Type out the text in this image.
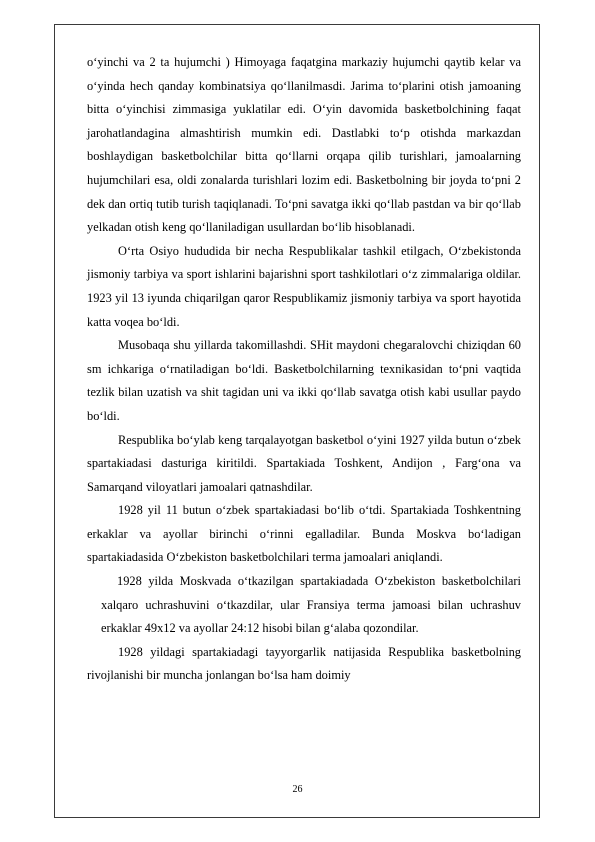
o‘yinchi va 2 ta hujumchi ) Himoyaga faqatgina markaziy hujumchi qaytib kelar va o‘yinda hech qanday kombinatsiya qo‘llanilmasdi. Jarima to‘plarini otish jamoaning bitta o‘yinchisi zimmasiga yuklatilar edi. O‘yin davomida basketbolchining faqat jarohatlandagina almashtirish mumkin edi. Dastlabki to‘p otishda markazdan boshlaydigan basketbolchilar bitta qo‘llarni orqapa qilib turishlari, jamoalarning hujumchilari esa, oldi zonalarda turishlari lozim edi. Basketbolning bir joyda to‘pni 2 dek dan ortiq tutib turish taqiqlanadi. To‘pni savatga ikki qo‘llab pastdan va bir qo‘llab yelkadan otish keng qo‘llaniladigan usullardan bo‘lib hisoblanadi.

O‘rta Osiyo hududida bir necha Respublikalar tashkil etilgach, O‘zbekistonda jismoniy tarbiya va sport ishlarini bajarishni sport tashkilotlari o‘z zimmalariga oldilar. 1923 yil 13 iyunda chiqarilgan qaror Respublikamiz jismoniy tarbiya va sport hayotida katta voqea bo‘ldi.

Musobaqa shu yillarda takomillashdi. SHit maydoni chegaralovchi chiziqdan 60 sm ichkariga o‘rnatiladigan bo‘ldi. Basketbolchilarning texnikasidan to‘pni vaqtida tezlik bilan uzatish va shit tagidan uni va ikki qo‘llab savatga otish kabi usullar paydo bo‘ldi.

Respublika bo‘ylab keng tarqalayotgan basketbol o‘yini 1927 yilda butun o‘zbek spartakiadasi dasturiga kiritildi. Spartakiada Toshkent, Andijon , Farg‘ona va Samarqand viloyatlari jamoalari qatnashdilar.

1928 yil 11 butun o‘zbek spartakiadasi bo‘lib o‘tdi. Spartakiada Toshkentning erkaklar va ayollar birinchi o‘rinni egalladilar. Bunda Moskva bo‘ladigan spartakiadasida O‘zbekiston basketbolchilari terma jamoalari aniqlandi.

1928 yilda Moskvada o‘tkazilgan spartakiadada O‘zbekiston basketbolchilari xalqaro uchrashuvini o‘tkazdilar, ular Fransiya terma jamoasi bilan uchrashuv erkaklar 49x12 va ayollar 24:12 hisobi bilan g‘alaba qozondilar.

1928 yildagi spartakiadagi tayyorgarlik natijasida Respublika basketbolning rivojlanishi bir muncha jonlangan bo‘lsa ham doimiy

26
